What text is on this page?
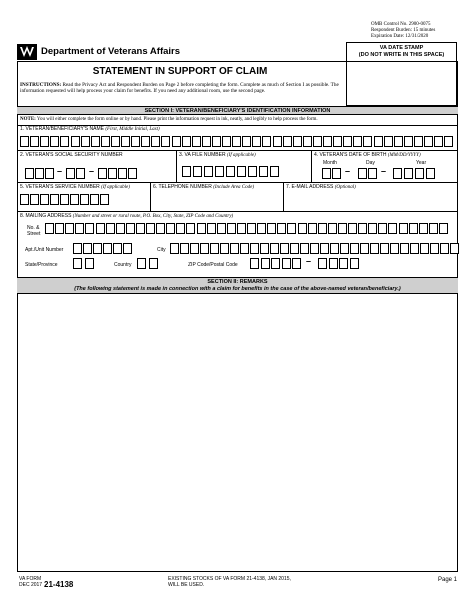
OMB Control No. 2900-0075
Respondent Burden: 15 minutes
Expiration Date: 12/31/2020
Department of Veterans Affairs	VA DATE STAMP
(DO NOT WRITE IN THIS SPACE)
STATEMENT IN SUPPORT OF CLAIM
INSTRUCTIONS: Read the Privacy Act and Respondent Burden on Page 2 before completing the form. Complete as much of Section I as possible. The information requested will help process your claim for benefits. If you need any additional room, use the second page.
SECTION I: VETERAN/BENEFICIARY'S IDENTIFICATION INFORMATION
NOTE: You will either complete the form online or by hand. Please print the information request in ink, neatly, and legibly to help process the form.
1. VETERAN/BENEFICIARY'S NAME (First, Middle Initial, Last)
2. VETERAN'S SOCIAL SECURITY NUMBER	3. VA FILE NUMBER (If applicable)	4. VETERAN'S DATE OF BIRTH (MM/DD/YYYY)
Month	Day	Year
5. VETERAN'S SERVICE NUMBER (If applicable)	6. TELEPHONE NUMBER (Include Area Code)	7. E-MAIL ADDRESS (Optional)
8. MAILING ADDRESS (Number and street or rural route, P.O. Box, City, State, ZIP Code and Country)
No. &
Street
Apt./Unit Number	City
State/Province	Country	ZIP Code/Postal Code
SECTION II: REMARKS
(The following statement is made in connection with a claim for benefits in the case of the above-named veteran/beneficiary.)
VA FORM
DEC 2017 21-4138
EXISTING STOCKS OF VA FORM 21-4138, JAN 2015,
WILL BE USED.
Page 1
–	–	–	–
–
